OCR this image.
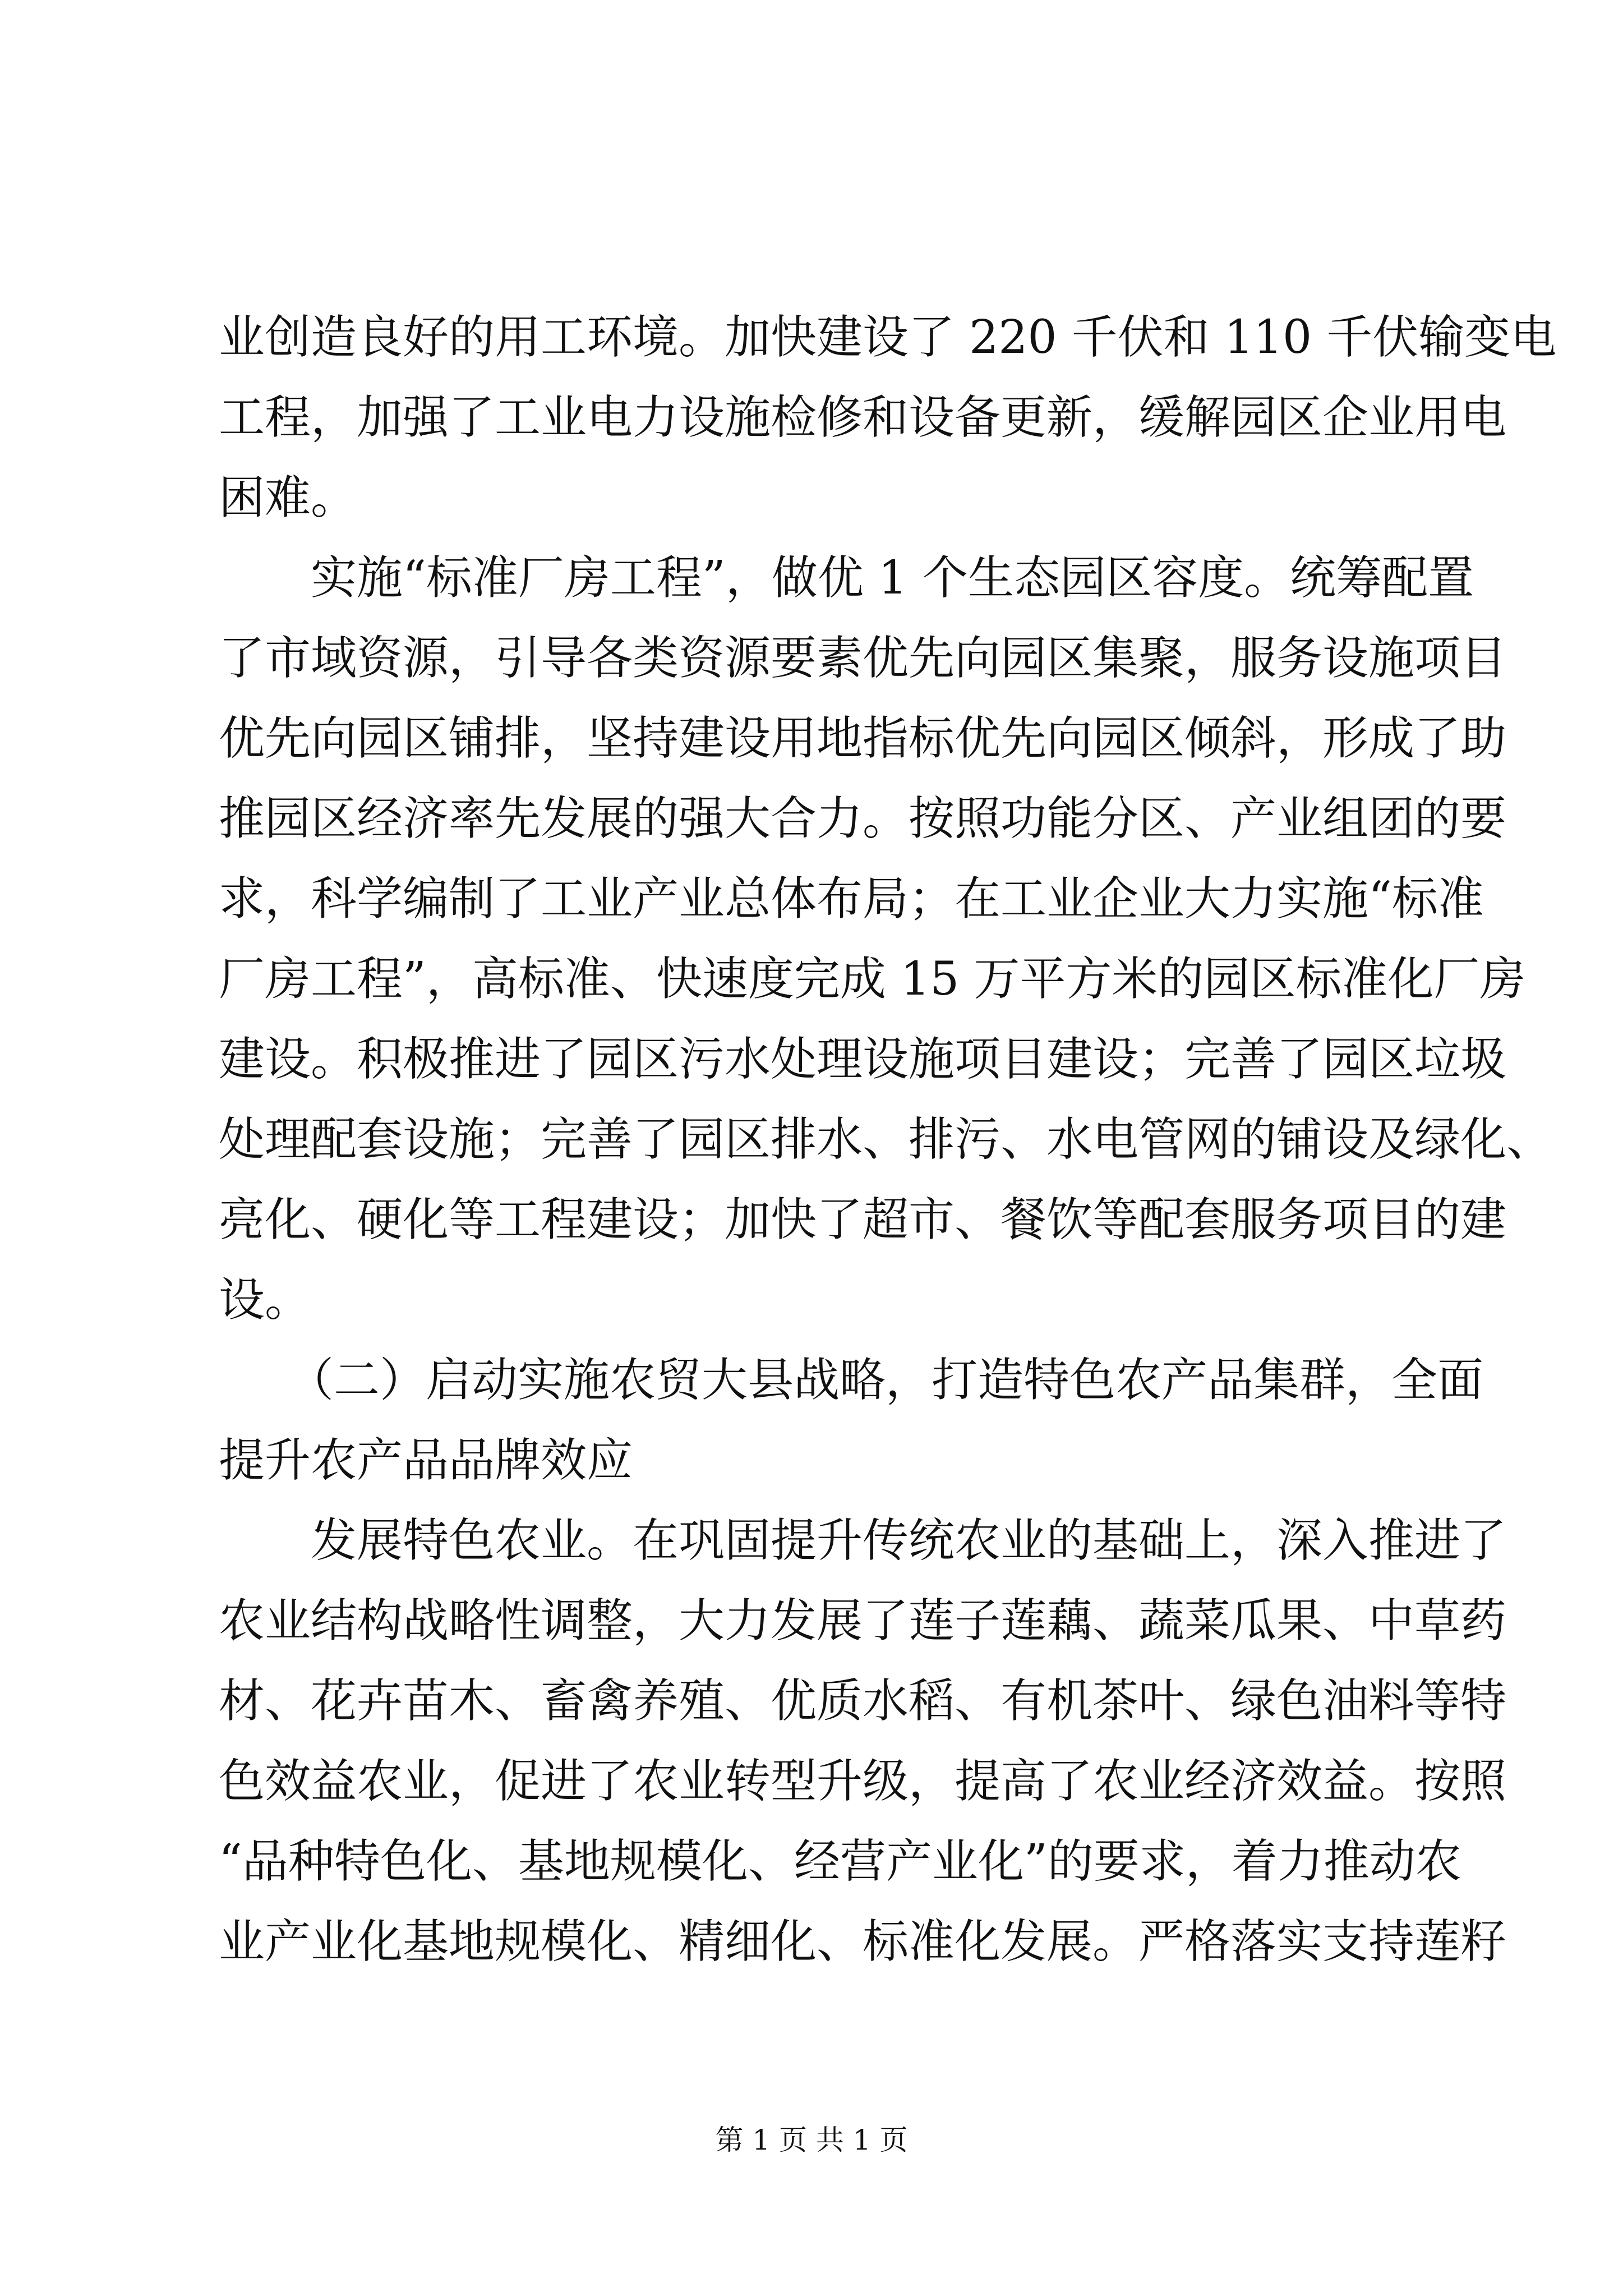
业创造良好的用工环境。加快建设了 220 千伏和 110 千伏输变电
工程，加强了工业电力设施检修和设备更新，缓解园区企业用电
困难。
　　实施“标准厂房工程”，做优 1 个生态园区容度。统筹配置
了市域资源，引导各类资源要素优先向园区集聚，服务设施项目
优先向园区铺排，坚持建设用地指标优先向园区倾斜，形成了助
推园区经济率先发展的强大合力。按照功能分区、产业组团的要
求，科学编制了工业产业总体布局；在工业企业大力实施“标准
厂房工程”，高标准、快速度完成 15 万平方米的园区标准化厂房
建设。积极推进了园区污水处理设施项目建设；完善了园区垃圾
处理配套设施；完善了园区排水、排污、水电管网的铺设及绿化、
亮化、硬化等工程建设；加快了超市、餐饮等配套服务项目的建
设。
　　（二）启动实施农贸大县战略，打造特色农产品集群，全面
提升农产品品牌效应
　　发展特色农业。在巩固提升传统农业的基础上，深入推进了
农业结构战略性调整，大力发展了莲子莲藕、蔬菜瓜果、中草药
材、花卉苗木、畜禽养殖、优质水稻、有机茶叶、绿色油料等特
色效益农业，促进了农业转型升级，提高了农业经济效益。按照
“品种特色化、基地规模化、经营产业化”的要求，着力推动农
业产业化基地规模化、精细化、标准化发展。严格落实支持莲籽
第 1 页 共 1 页
